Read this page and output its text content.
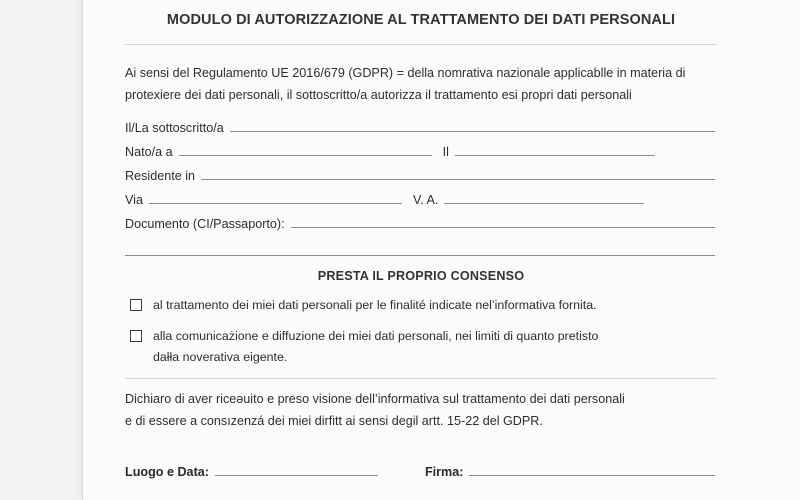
MODULO DI AUTORIZZAZIONE AL TRATTAMENTO DEI DATI PERSONALI
Ai sensi del Regulamento UE 2016/679 (GDPR) = della nomrativa nazionale applicablle in materia di
protexiere dei dati personali, il sottoscritto/a autorizza il trattamento esi propri dati personali
Il/La sottoscritto/a
Nato/a a	Il
Residente in
Via	V. A.
Documento (CI/Passaporto):
PRESTA IL PROPRIO CONSENSO
al trattamento dei miei dati personali per le finalité indicate nel’informativa fornita.
alla comunicażione e diffuzione dei miei dati personali, nei limiti di quanto pretisto
dałła noverativa eigente.
Dichiaro di aver riceəuito e preso visione dell’informativa sul trattamento dei dati personali
e di essere a consızenzá dei miei dirfitt ai sensi degil artt. 15-22 del GDPR.
Luogo e Data:	Firma:
